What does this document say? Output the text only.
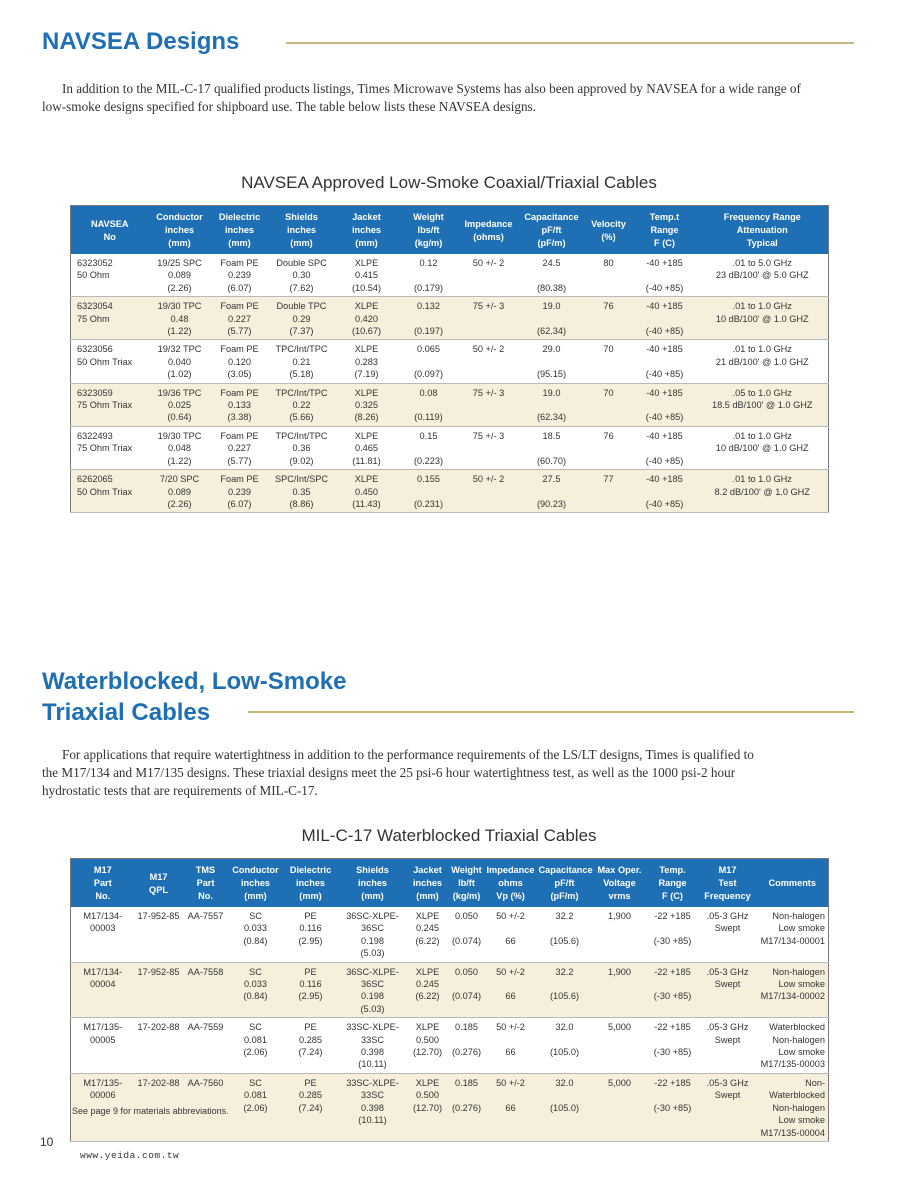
NAVSEA Designs

In addition to the MIL-C-17 qualified products listings, Times Microwave Systems has also been approved by NAVSEA for a wide range of low-smoke designs specified for shipboard use. The table below lists these NAVSEA designs.

NAVSEA Approved Low-Smoke Coaxial/Triaxial Cables

NAVSEA
No	Conductor
inches
(mm)	Dielectric
inches
(mm)	Shields
inches
(mm)	Jacket
inches
(mm)	Weight
lbs/ft
(kg/m)	Impedance
(ohms)	Capacitance
pF/ft
(pF/m)	Velocity
(%)	Temp.t
Range
F (C)	Frequency Range
Attenuation
Typical
6323052
50 Ohm	19/25 SPC
0.089
(2.26)	Foam PE
0.239
(6.07)	Double SPC
0.30
(7.62)	XLPE
0.415
(10.54)	0.12

(0.179)	50 +/- 2	24.5

(80.38)	80	-40 +185

(-40 +85)	.01 to 5.0 GHz
23 dB/100' @ 5.0 GHZ
6323054
75 Ohm	19/30 TPC
0.48
(1.22)	Foam PE
0.227
(5.77)	Double TPC
0.29
(7.37)	XLPE
0.420
(10.67)	0.132

(0.197)	75 +/- 3	19.0

(62.34)	76	-40 +185

(-40 +85)	.01 to 1.0 GHz
10 dB/100' @ 1.0 GHZ
6323056
50 Ohm Triax	19/32 TPC
0.040
(1.02)	Foam PE
0.120
(3.05)	TPC/Int/TPC
0.21
(5.18)	XLPE
0.283
(7.19)	0.065

(0.097)	50 +/- 2	29.0

(95.15)	70	-40 +185

(-40 +85)	.01 to 1.0 GHz
21 dB/100' @ 1.0 GHZ
6323059
75 Ohm Triax	19/36 TPC
0.025
(0.64)	Foam PE
0.133
(3.38)	TPC/Int/TPC
0.22
(5.66)	XLPE
0.325
(8.26)	0.08

(0.119)	75 +/- 3	19.0

(62.34)	70	-40 +185

(-40 +85)	.05 to 1.0 GHz
18.5 dB/100' @ 1.0 GHZ
6322493
75 Ohm Triax	19/30 TPC
0.048
(1.22)	Foam PE
0.227
(5.77)	TPC/Int/TPC
0.36
(9.02)	XLPE
0.465
(11.81)	0.15

(0.223)	75 +/- 3	18.5

(60.70)	76	-40 +185

(-40 +85)	.01 to 1.0 GHz
10 dB/100' @ 1.0 GHZ
6262065
50 Ohm Triax	7/20 SPC
0.089
(2.26)	Foam PE
0.239
(6.07)	SPC/Int/SPC
0.35
(8.86)	XLPE
0.450
(11.43)	0.155

(0.231)	50 +/- 2	27.5

(90.23)	77	-40 +185

(-40 +85)	.01 to 1.0 GHz
8.2 dB/100' @ 1.0 GHZ
Waterblocked, Low-Smoke
Triaxial Cables

For applications that require watertightness in addition to the performance requirements of the LS/LT designs, Times is qualified to the M17/134 and M17/135 designs. These triaxial designs meet the 25 psi-6 hour watertightness test, as well as the 1000 psi-2 hour hydrostatic tests that are requirements of MIL-C-17.

MIL-C-17 Waterblocked Triaxial Cables

M17
Part
No.	M17
QPL	TMS
Part
No.	Conductor
inches
(mm)	Dielectric
inches
(mm)	Shields
inches
(mm)	Jacket
inches
(mm)	Weight
lb/ft
(kg/m)	Impedance
ohms
Vp (%)	Capacitance
pF/ft
(pF/m)	Max Oper.
Voltage
vrms	Temp.
Range
F (C)	M17
Test
Frequency	Comments
M17/134-00003	17-952-85	AA-7557	SC
0.033
(0.84)	PE
0.116
(2.95)	36SC-XLPE-36SC
0.198
(5.03)	XLPE
0.245
(6.22)	0.050

(0.074)	50 +/-2

66	32.2

(105.6)	1,900	-22 +185

(-30 +85)	.05-3 GHz
Swept	Non-halogen
Low smoke
M17/134-00001
M17/134-00004	17-952-85	AA-7558	SC
0.033
(0.84)	PE
0.116
(2.95)	36SC-XLPE-36SC
0.198
(5.03)	XLPE
0.245
(6.22)	0.050

(0.074)	50 +/-2

66	32.2

(105.6)	1,900	-22 +185

(-30 +85)	.05-3 GHz
Swept	Non-halogen
Low smoke
M17/134-00002
M17/135-00005	17-202-88	AA-7559	SC
0.081
(2.06)	PE
0.285
(7.24)	33SC-XLPE-33SC
0.398
(10.11)	XLPE
0.500
(12.70)	0.185

(0.276)	50 +/-2

66	32.0

(105.0)	5,000	-22 +185

(-30 +85)	.05-3 GHz
Swept	Waterblocked
Non-halogen
Low smoke
M17/135-00003
M17/135-00006	17-202-88	AA-7560	SC
0.081
(2.06)	PE
0.285
(7.24)	33SC-XLPE-33SC
0.398
(10.11)	XLPE
0.500
(12.70)	0.185

(0.276)	50 +/-2

66	32.0

(105.0)	5,000	-22 +185

(-30 +85)	.05-3 GHz
Swept	Non-Waterblocked
Non-halogen
Low smoke
M17/135-00004

See page 9 for materials abbreviations.

10

www.yeida.com.tw
